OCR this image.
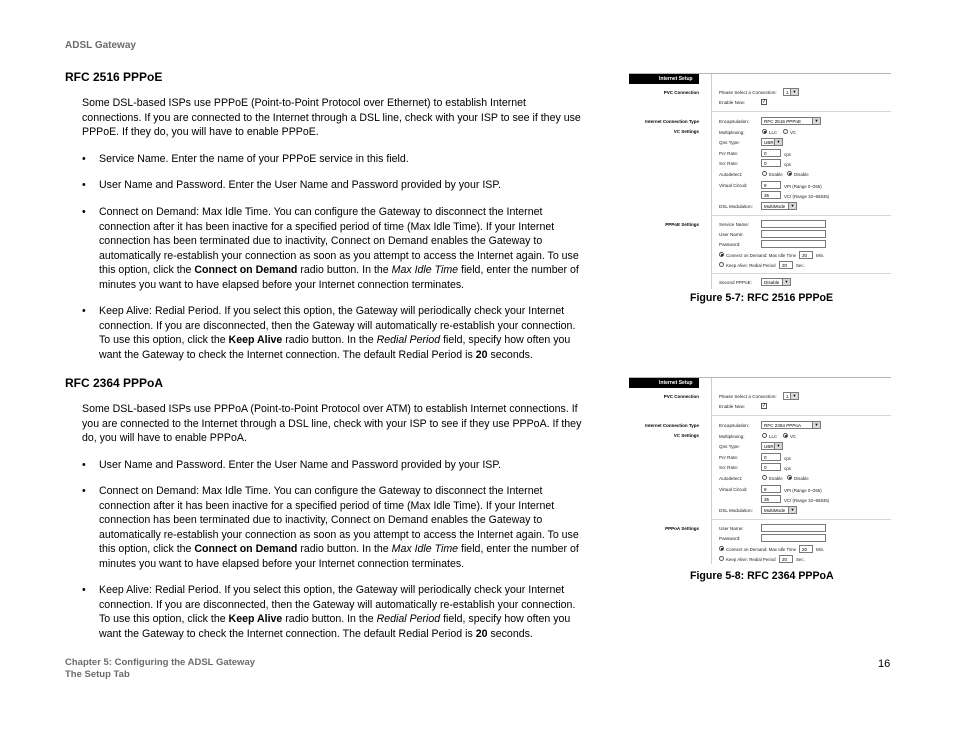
ADSL Gateway
RFC 2516 PPPoE
Some DSL-based ISPs use PPPoE (Point-to-Point Protocol over Ethernet) to establish Internet connections. If you are connected to the Internet through a DSL line, check with your ISP to see if they use PPPoE. If they do, you will have to enable PPPoE.
• Service Name. Enter the name of your PPPoE service in this field.
• User Name and Password. Enter the User Name and Password provided by your ISP.
• Connect on Demand: Max Idle Time. You can configure the Gateway to disconnect the Internet connection after it has been inactive for a specified period of time (Max Idle Time). If your Internet connection has been terminated due to inactivity, Connect on Demand enables the Gateway to automatically re-establish your connection as soon as you attempt to access the Internet again. To use this option, click the Connect on Demand radio button. In the Max Idle Time field, enter the number of minutes you want to have elapsed before your Internet connection terminates.
• Keep Alive: Redial Period. If you select this option, the Gateway will periodically check your Internet connection. If you are disconnected, then the Gateway will automatically re-establish your connection. To use this option, click the Keep Alive radio button. In the Redial Period field, specify how often you want the Gateway to check the Internet connection. The default Redial Period is 20 seconds.
RFC 2364 PPPoA
Some DSL-based ISPs use PPPoA (Point-to-Point Protocol over ATM) to establish Internet connections. If you are connected to the Internet through a DSL line, check with your ISP to see if they use PPPoA. If they do, you will have to enable PPPoA.
• User Name and Password. Enter the User Name and Password provided by your ISP.
• Connect on Demand: Max Idle Time. You can configure the Gateway to disconnect the Internet connection after it has been inactive for a specified period of time (Max Idle Time). If your Internet connection has been terminated due to inactivity, Connect on Demand enables the Gateway to automatically re-establish your connection as soon as you attempt to access the Internet again. To use this option, click the Connect on Demand radio button. In the Max Idle Time field, enter the number of minutes you want to have elapsed before your Internet connection terminates.
• Keep Alive: Redial Period. If you select this option, the Gateway will periodically check your Internet connection. If you are disconnected, then the Gateway will automatically re-establish your connection. To use this option, click the Keep Alive radio button. In the Redial Period field, specify how often you want the Gateway to check the Internet connection. The default Redial Period is 20 seconds.
Internet Setup
PVC Connection	Please Select a Connection:	1 ▼
Enable Now:	✓
Internet Connection Type	Encapsulation:	RFC 2516 PPPoE	▼
VC Settings	Multiplexing:	LLC	VC
Qos Type:	UBR ▼
Pcr Rate:	0	cps
Scr Rate:	0	cps
Autodetect:	Enable	Disable
Virtual Circuit:	8	VPI (Range 0~255)
35	VCI (Range 32~65535)
DSL Modulation:	MultiMode	▼
PPPoE Settings	Service Name:
User Name:
Password:
Connect on Demand: Max Idle Time	20	Min.
Keep Alive: Redial Period	20	Sec.
Second PPPoE:	Disable	▼
Figure 5-7: RFC 2516 PPPoE
Internet Setup
PVC Connection	Please Select a Connection:	1 ▼
Enable Now:	✓
Internet Connection Type	Encapsulation:	RFC 2364 PPPoA	▼
VC Settings	Multiplexing:	LLC	VC
Qos Type:	UBR ▼
Pcr Rate:	0	cps
Scr Rate:	0	cps
Autodetect:	Enable	Disable
Virtual Circuit:	8	VPI (Range 0~255)
35	VCI (Range 32~65535)
DSL Modulation:	MultiMode	▼
PPPoA Settings	User Name:
Password:
Connect on Demand: Max Idle Time	20	Min.
Keep Alive: Redial Period	20	Sec.
Figure 5-8: RFC 2364 PPPoA
Chapter 5: Configuring the ADSL Gateway
The Setup Tab
16
